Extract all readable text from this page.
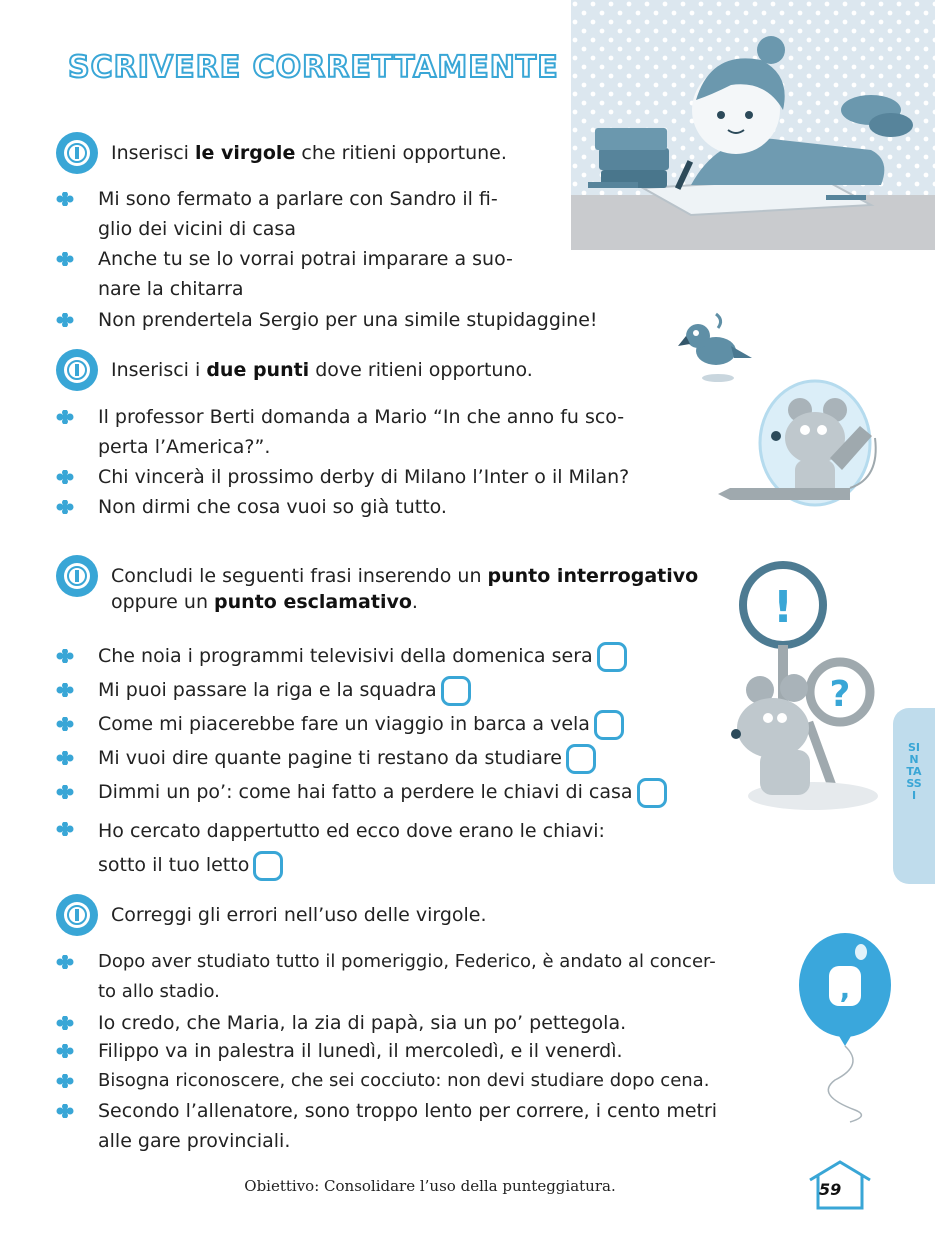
SCRIVERE CORRETTAMENTE
!
?
,
Inserisci le virgole che ritieni opportune.
Mi sono fermato a parlare con Sandro il fi-
glio dei vicini di casa
Anche tu se lo vorrai potrai imparare a suo-
nare la chitarra
Non prendertela Sergio per una simile stupidaggine!
Inserisci i due punti dove ritieni opportuno.
Il professor Berti domanda a Mario “In che anno fu sco-
perta l’America?”.
Chi vincerà il prossimo derby di Milano l’Inter o il Milan?
Non dirmi che cosa vuoi so già tutto.
Concludi le seguenti frasi inserendo un punto interrogativo
oppure un punto esclamativo.
Che noia i programmi televisivi della domenica sera
Mi puoi passare la riga e la squadra
Come mi piacerebbe fare un viaggio in barca a vela
Mi vuoi dire quante pagine ti restano da studiare
Dimmi un po’: come hai fatto a perdere le chiavi di casa
Ho cercato dappertutto ed ecco dove erano le chiavi:
sotto il tuo letto
Correggi gli errori nell’uso delle virgole.
Dopo aver studiato tutto il pomeriggio, Federico, è andato al concer-
to allo stadio.
Io credo, che Maria, la zia di papà, sia un po’ pettegola.
Filippo va in palestra il lunedì, il mercoledì, e il venerdì.
Bisogna riconoscere, che sei cocciuto: non devi studiare dopo cena.
Secondo l’allenatore, sono troppo lento per correre, i cento metri
alle gare provinciali.
SINTASSI
Obiettivo: Consolidare l’uso della punteggiatura.	59
